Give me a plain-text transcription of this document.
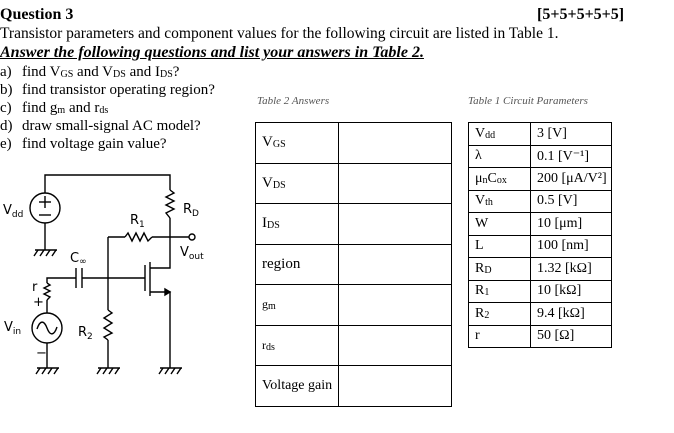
Question 3	[5+5+5+5+5]
Transistor parameters and component values for the following circuit are listed in Table 1.
Answer the following questions and list your answers in Table 2.
a) find $V_{GS}$ and $V_{DS}$ and $I_{DS}$?
b) find transistor operating region?
c) find $g_m$ and $r_{ds}$
d) draw small-signal AC model?
e) find voltage gain value?
Table 2 Answers	Table 1 Circuit Parameters
$V_{GS}$	
$V_{DS}$	
$I_{DS}$	
region	
$g_m$	
$r_{ds}$	
Voltage gain	
$V_{dd}$	3 [V]
λ	0.1 [V⁻¹]
$\mu_nC_{ox}$	200 [μA/V²]
$V_{th}$	0.5 [V]
W	10 [μm]
L	100 [nm]
$R_D$	1.32 [kΩ]
$R_1$	10 [kΩ]
$R_2$	9.4 [kΩ]
r	50 [Ω]
$V_{dd}$	$R_D$
$R_1$
$V_{out}$
C∞
r
+
−
$V_{in}$	$R_2$
